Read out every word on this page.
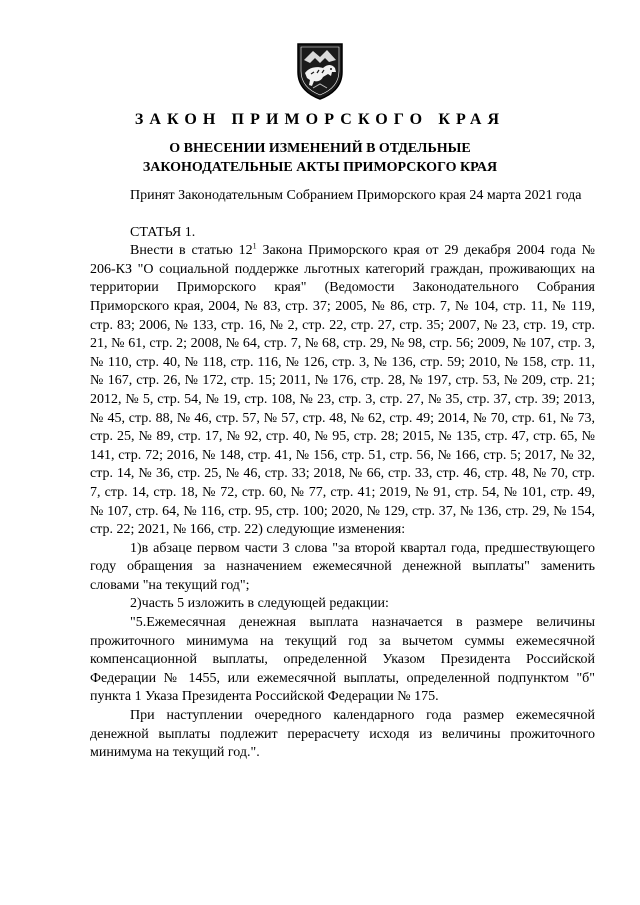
ЗАКОН ПРИМОРСКОГО КРАЯ
О ВНЕСЕНИИ ИЗМЕНЕНИЙ В ОТДЕЛЬНЫЕ
ЗАКОНОДАТЕЛЬНЫЕ АКТЫ ПРИМОРСКОГО КРАЯ

Принят Законодательным Собранием Приморского края 24 марта 2021 года

СТАТЬЯ 1.

Внести в статью $12^1$ Закона Приморского края от 29 декабря 2004 года № 206-КЗ "О социальной поддержке льготных категорий граждан, проживающих на территории Приморского края" (Ведомости Законодательного Собрания Приморского края, 2004, № 83, стр. 37; 2005, № 86, стр. 7, № 104, стр. 11, № 119, стр. 83; 2006, № 133, стр. 16, № 2, стр. 22, стр. 27, стр. 35; 2007, № 23, стр. 19, стр. 21, № 61, стр. 2; 2008, № 64, стр. 7, № 68, стр. 29, № 98, стр. 56; 2009, № 107, стр. 3, № 110, стр. 40, № 118, стр. 116, № 126, стр. 3, № 136, стр. 59; 2010, № 158, стр. 11, № 167, стр. 26, № 172, стр. 15; 2011, № 176, стр. 28, № 197, стр. 53, № 209, стр. 21; 2012, № 5, стр. 54, № 19, стр. 108, № 23, стр. 3, стр. 27, № 35, стр. 37, стр. 39; 2013, № 45, стр. 88, № 46, стр. 57, № 57, стр. 48, № 62, стр. 49; 2014, № 70, стр. 61, № 73, стр. 25, № 89, стр. 17, № 92, стр. 40, № 95, стр. 28; 2015, № 135, стр. 47, стр. 65, № 141, стр. 72; 2016, № 148, стр. 41, № 156, стр. 51, стр. 56, № 166, стр. 5; 2017, № 32, стр. 14, № 36, стр. 25, № 46, стр. 33; 2018, № 66, стр. 33, стр. 46, стр. 48, № 70, стр. 7, стр. 14, стр. 18, № 72, стр. 60, № 77, стр. 41; 2019, № 91, стр. 54, № 101, стр. 49, № 107, стр. 64, № 116, стр. 95, стр. 100; 2020, № 129, стр. 37, № 136, стр. 29, № 154, стр. 22; 2021, № 166, стр. 22) следующие изменения:

1)в абзаце первом части 3 слова "за второй квартал года, предшествующего году обращения за назначением ежемесячной денежной выплаты" заменить словами "на текущий год";

2)часть 5 изложить в следующей редакции:

"5.Ежемесячная денежная выплата назначается в размере величины прожиточного минимума на текущий год за вычетом суммы ежемесячной компенсационной выплаты, определенной Указом Президента Российской Федерации № 1455, или ежемесячной выплаты, определенной подпунктом "б" пункта 1 Указа Президента Российской Федерации № 175.

При наступлении очередного календарного года размер ежемесячной денежной выплаты подлежит перерасчету исходя из величины прожиточного минимума на текущий год.".
